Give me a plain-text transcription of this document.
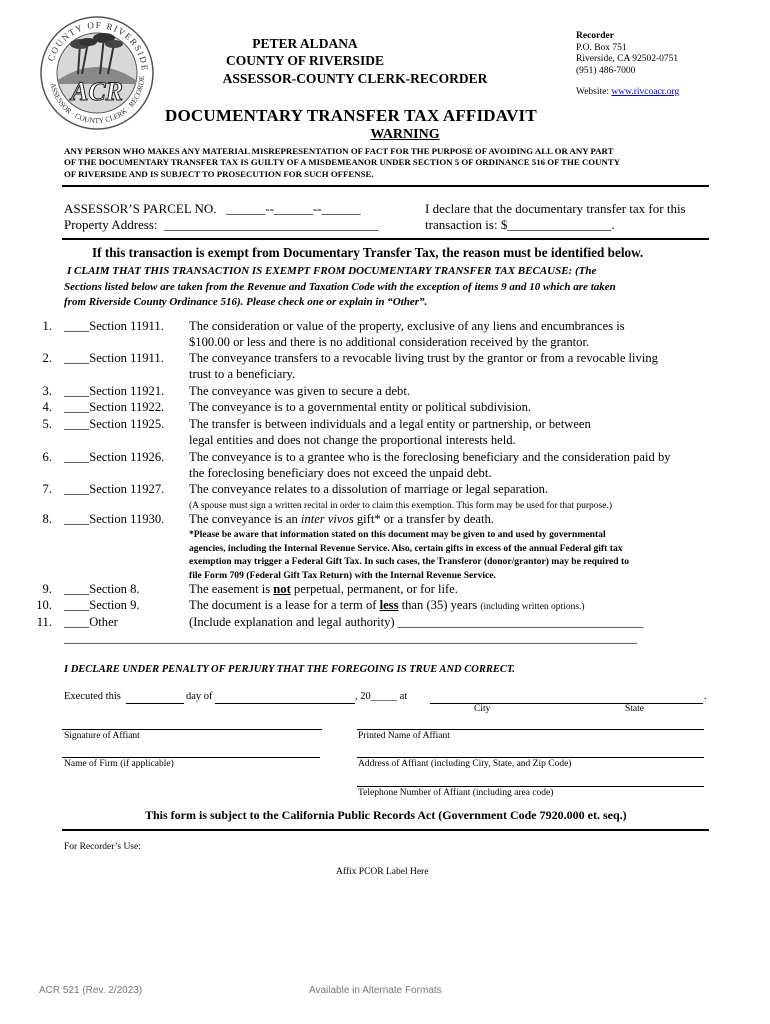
COUNTY OF RIVERSIDE
ASSESSOR · COUNTY CLERK · RECORDE
ACR
PETER ALDANA
COUNTY OF RIVERSIDE
ASSESSOR-COUNTY CLERK-RECORDER
Recorder
P.O. Box 751
Riverside, CA 92502-0751
(951) 486-7000
Website: www.rivcoacr.org
DOCUMENTARY TRANSFER TAX AFFIDAVIT
WARNING
ANY PERSON WHO MAKES ANY MATERIAL MISREPRESENTATION OF FACT FOR THE PURPOSE OF AVOIDING ALL OR ANY PART
OF THE DOCUMENTARY TRANSFER TAX IS GUILTY OF A MISDEMEANOR UNDER SECTION 5 OF ORDINANCE 516 OF THE COUNTY
OF RIVERSIDE AND IS SUBJECT TO PROSECUTION FOR SUCH OFFENSE.
ASSESSOR’S PARCEL NO. ______--______--______
Property Address: _________________________________
I declare that the documentary transfer tax for this
transaction is: $________________.
If this transaction is exempt from Documentary Transfer Tax, the reason must be identified below.
I CLAIM THAT THIS TRANSACTION IS EXEMPT FROM DOCUMENTARY TRANSFER TAX BECAUSE: (The
Sections listed below are taken from the Revenue and Taxation Code with the exception of items 9 and 10 which are taken
from Riverside County Ordinance 516). Please check one or explain in “Other”.
1. ____Section 11911. The consideration or value of the property, exclusive of any liens and encumbrances is
$100.00 or less and there is no additional consideration received by the grantor.
2. ____Section 11911. The conveyance transfers to a revocable living trust by the grantor or from a revocable living
trust to a beneficiary.
3. ____Section 11921. The conveyance was given to secure a debt.
4. ____Section 11922. The conveyance is to a governmental entity or political subdivision.
5. ____Section 11925. The transfer is between individuals and a legal entity or partnership, or between
legal entities and does not change the proportional interests held.
6. ____Section 11926. The conveyance is to a grantee who is the foreclosing beneficiary and the consideration paid by
the foreclosing beneficiary does not exceed the unpaid debt.
7. ____Section 11927. The conveyance relates to a dissolution of marriage or legal separation.
(A spouse must sign a written recital in order to claim this exemption. This form may be used for that purpose.)
8. ____Section 11930. The conveyance is an inter vivos gift* or a transfer by death.
*Please be aware that information stated on this document may be given to and used by governmental
agencies, including the Internal Revenue Service. Also, certain gifts in excess of the annual Federal gift tax
exemption may trigger a Federal Gift Tax. In such cases, the Transferor (donor/grantor) may be required to
file Form 709 (Federal Gift Tax Return) with the Internal Revenue Service.
9. ____Section 8.	The easement is not perpetual, permanent, or for life.
10. ____Section 9.	The document is a lease for a term of less than (35) years (including written options.)
11. ____Other	(Include explanation and legal authority) _______________________________________
___________________________________________________________________________________________
I DECLARE UNDER PENALTY OF PERJURY THAT THE FOREGOING IS TRUE AND CORRECT.
Executed this	day of	, 20_____ at	.
City	State
Signature of Affiant	Printed Name of Affiant
Name of Firm (if applicable)	Address of Affiant (including City, State, and Zip Code)
Telephone Number of Affiant (including area code)
This form is subject to the California Public Records Act (Government Code 7920.000 et. seq.)
For Recorder’s Use:
Affix PCOR Label Here
ACR 521 (Rev. 2/2023)	Available in Alternate Formats
